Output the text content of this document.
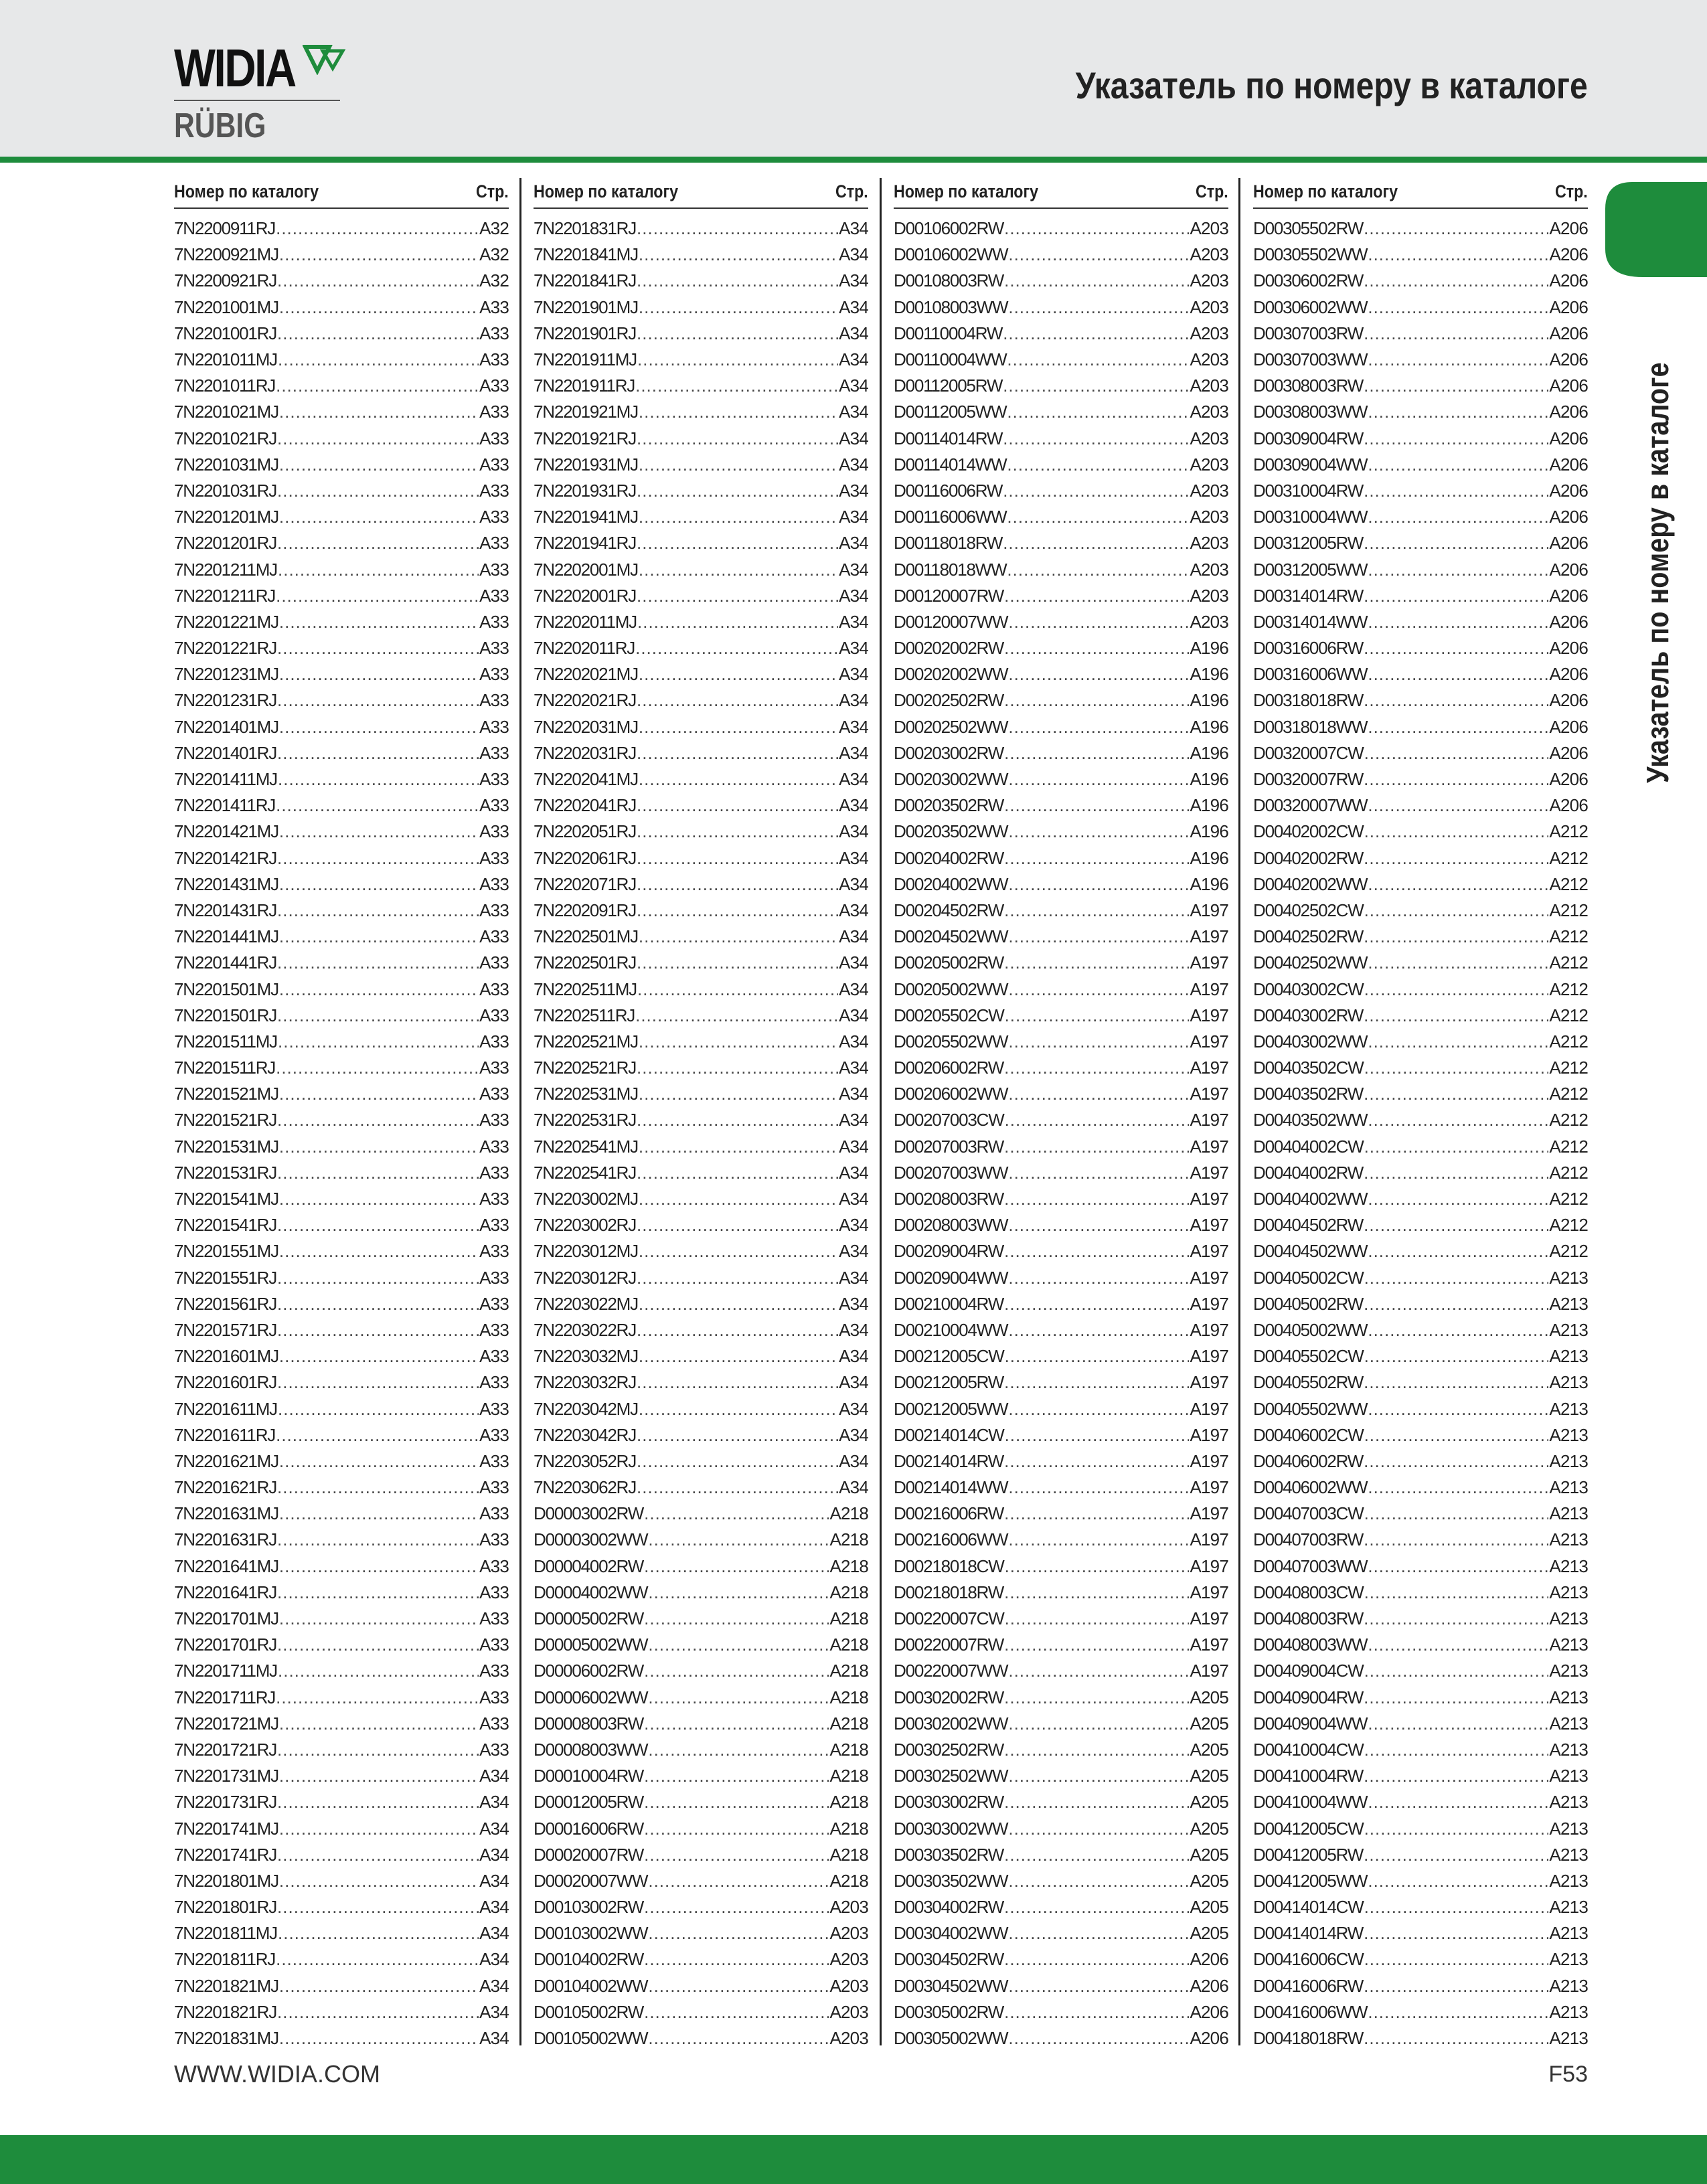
WIDIA
RÜBIG
Указатель по номеру в каталоге
Номер по каталогу	Стр.
7N2200911RJ .....	A32
7N2200921MJ .....	A32
7N2200921RJ .....	A32
7N2201001MJ .....	A33
7N2201001RJ .....	A33
7N2201011MJ .....	A33
7N2201011RJ .....	A33
7N2201021MJ .....	A33
7N2201021RJ .....	A33
7N2201031MJ .....	A33
7N2201031RJ .....	A33
7N2201201MJ .....	A33
7N2201201RJ .....	A33
7N2201211MJ .....	A33
7N2201211RJ .....	A33
7N2201221MJ .....	A33
7N2201221RJ .....	A33
7N2201231MJ .....	A33
7N2201231RJ .....	A33
7N2201401MJ .....	A33
7N2201401RJ .....	A33
7N2201411MJ .....	A33
7N2201411RJ .....	A33
7N2201421MJ .....	A33
7N2201421RJ .....	A33
7N2201431MJ .....	A33
7N2201431RJ .....	A33
7N2201441MJ .....	A33
7N2201441RJ .....	A33
7N2201501MJ .....	A33
7N2201501RJ .....	A33
7N2201511MJ .....	A33
7N2201511RJ .....	A33
7N2201521MJ .....	A33
7N2201521RJ .....	A33
7N2201531MJ .....	A33
7N2201531RJ .....	A33
7N2201541MJ .....	A33
7N2201541RJ .....	A33
7N2201551MJ .....	A33
7N2201551RJ .....	A33
7N2201561RJ .....	A33
7N2201571RJ .....	A33
7N2201601MJ .....	A33
7N2201601RJ .....	A33
7N2201611MJ .....	A33
7N2201611RJ .....	A33
7N2201621MJ .....	A33
7N2201621RJ .....	A33
7N2201631MJ .....	A33
7N2201631RJ .....	A33
7N2201641MJ .....	A33
7N2201641RJ .....	A33
7N2201701MJ .....	A33
7N2201701RJ .....	A33
7N2201711MJ .....	A33
7N2201711RJ .....	A33
7N2201721MJ .....	A33
7N2201721RJ .....	A33
7N2201731MJ .....	A34
7N2201731RJ .....	A34
7N2201741MJ .....	A34
7N2201741RJ .....	A34
7N2201801MJ .....	A34
7N2201801RJ .....	A34
7N2201811MJ .....	A34
7N2201811RJ .....	A34
7N2201821MJ .....	A34
7N2201821RJ .....	A34
7N2201831MJ .....	A34
Номер по каталогу	Стр.
7N2201831RJ .....	A34
7N2201841MJ .....	A34
7N2201841RJ .....	A34
7N2201901MJ .....	A34
7N2201901RJ .....	A34
7N2201911MJ .....	A34
7N2201911RJ .....	A34
7N2201921MJ .....	A34
7N2201921RJ .....	A34
7N2201931MJ .....	A34
7N2201931RJ .....	A34
7N2201941MJ .....	A34
7N2201941RJ .....	A34
7N2202001MJ .....	A34
7N2202001RJ .....	A34
7N2202011MJ .....	A34
7N2202011RJ .....	A34
7N2202021MJ .....	A34
7N2202021RJ .....	A34
7N2202031MJ .....	A34
7N2202031RJ .....	A34
7N2202041MJ .....	A34
7N2202041RJ .....	A34
7N2202051RJ .....	A34
7N2202061RJ .....	A34
7N2202071RJ .....	A34
7N2202091RJ .....	A34
7N2202501MJ .....	A34
7N2202501RJ .....	A34
7N2202511MJ .....	A34
7N2202511RJ .....	A34
7N2202521MJ .....	A34
7N2202521RJ .....	A34
7N2202531MJ .....	A34
7N2202531RJ .....	A34
7N2202541MJ .....	A34
7N2202541RJ .....	A34
7N2203002MJ .....	A34
7N2203002RJ .....	A34
7N2203012MJ .....	A34
7N2203012RJ .....	A34
7N2203022MJ .....	A34
7N2203022RJ .....	A34
7N2203032MJ .....	A34
7N2203032RJ .....	A34
7N2203042MJ .....	A34
7N2203042RJ .....	A34
7N2203052RJ .....	A34
7N2203062RJ .....	A34
D00003002RW .....	A218
D00003002WW .....	A218
D00004002RW .....	A218
D00004002WW .....	A218
D00005002RW .....	A218
D00005002WW .....	A218
D00006002RW .....	A218
D00006002WW .....	A218
D00008003RW .....	A218
D00008003WW .....	A218
D00010004RW .....	A218
D00012005RW .....	A218
D00016006RW .....	A218
D00020007RW .....	A218
D00020007WW .....	A218
D00103002RW .....	A203
D00103002WW .....	A203
D00104002RW .....	A203
D00104002WW .....	A203
D00105002RW .....	A203
D00105002WW .....	A203
Номер по каталогу	Стр.
D00106002RW .....	A203
D00106002WW .....	A203
D00108003RW .....	A203
D00108003WW .....	A203
D00110004RW .....	A203
D00110004WW .....	A203
D00112005RW .....	A203
D00112005WW .....	A203
D00114014RW .....	A203
D00114014WW .....	A203
D00116006RW .....	A203
D00116006WW .....	A203
D00118018RW .....	A203
D00118018WW .....	A203
D00120007RW .....	A203
D00120007WW .....	A203
D00202002RW .....	A196
D00202002WW .....	A196
D00202502RW .....	A196
D00202502WW .....	A196
D00203002RW .....	A196
D00203002WW .....	A196
D00203502RW .....	A196
D00203502WW .....	A196
D00204002RW .....	A196
D00204002WW .....	A196
D00204502RW .....	A197
D00204502WW .....	A197
D00205002RW .....	A197
D00205002WW .....	A197
D00205502CW .....	A197
D00205502WW .....	A197
D00206002RW .....	A197
D00206002WW .....	A197
D00207003CW .....	A197
D00207003RW .....	A197
D00207003WW .....	A197
D00208003RW .....	A197
D00208003WW .....	A197
D00209004RW .....	A197
D00209004WW .....	A197
D00210004RW .....	A197
D00210004WW .....	A197
D00212005CW .....	A197
D00212005RW .....	A197
D00212005WW .....	A197
D00214014CW .....	A197
D00214014RW .....	A197
D00214014WW .....	A197
D00216006RW .....	A197
D00216006WW .....	A197
D00218018CW .....	A197
D00218018RW .....	A197
D00220007CW .....	A197
D00220007RW .....	A197
D00220007WW .....	A197
D00302002RW .....	A205
D00302002WW .....	A205
D00302502RW .....	A205
D00302502WW .....	A205
D00303002RW .....	A205
D00303002WW .....	A205
D00303502RW .....	A205
D00303502WW .....	A205
D00304002RW .....	A205
D00304002WW .....	A205
D00304502RW .....	A206
D00304502WW .....	A206
D00305002RW .....	A206
D00305002WW .....	A206
Номер по каталогу	Стр.
D00305502RW .....	A206
D00305502WW .....	A206
D00306002RW .....	A206
D00306002WW .....	A206
D00307003RW .....	A206
D00307003WW .....	A206
D00308003RW .....	A206
D00308003WW .....	A206
D00309004RW .....	A206
D00309004WW .....	A206
D00310004RW .....	A206
D00310004WW .....	A206
D00312005RW .....	A206
D00312005WW .....	A206
D00314014RW .....	A206
D00314014WW .....	A206
D00316006RW .....	A206
D00316006WW .....	A206
D00318018RW .....	A206
D00318018WW .....	A206
D00320007CW .....	A206
D00320007RW .....	A206
D00320007WW .....	A206
D00402002CW .....	A212
D00402002RW .....	A212
D00402002WW .....	A212
D00402502CW .....	A212
D00402502RW .....	A212
D00402502WW .....	A212
D00403002CW .....	A212
D00403002RW .....	A212
D00403002WW .....	A212
D00403502CW .....	A212
D00403502RW .....	A212
D00403502WW .....	A212
D00404002CW .....	A212
D00404002RW .....	A212
D00404002WW .....	A212
D00404502RW .....	A212
D00404502WW .....	A212
D00405002CW .....	A213
D00405002RW .....	A213
D00405002WW .....	A213
D00405502CW .....	A213
D00405502RW .....	A213
D00405502WW .....	A213
D00406002CW .....	A213
D00406002RW .....	A213
D00406002WW .....	A213
D00407003CW .....	A213
D00407003RW .....	A213
D00407003WW .....	A213
D00408003CW .....	A213
D00408003RW .....	A213
D00408003WW .....	A213
D00409004CW .....	A213
D00409004RW .....	A213
D00409004WW .....	A213
D00410004CW .....	A213
D00410004RW .....	A213
D00410004WW .....	A213
D00412005CW .....	A213
D00412005RW .....	A213
D00412005WW .....	A213
D00414014CW .....	A213
D00414014RW .....	A213
D00416006CW .....	A213
D00416006RW .....	A213
D00416006WW .....	A213
D00418018RW .....	A213
Указатель по номеру в каталоге
WWW.WIDIA.COM	F53
